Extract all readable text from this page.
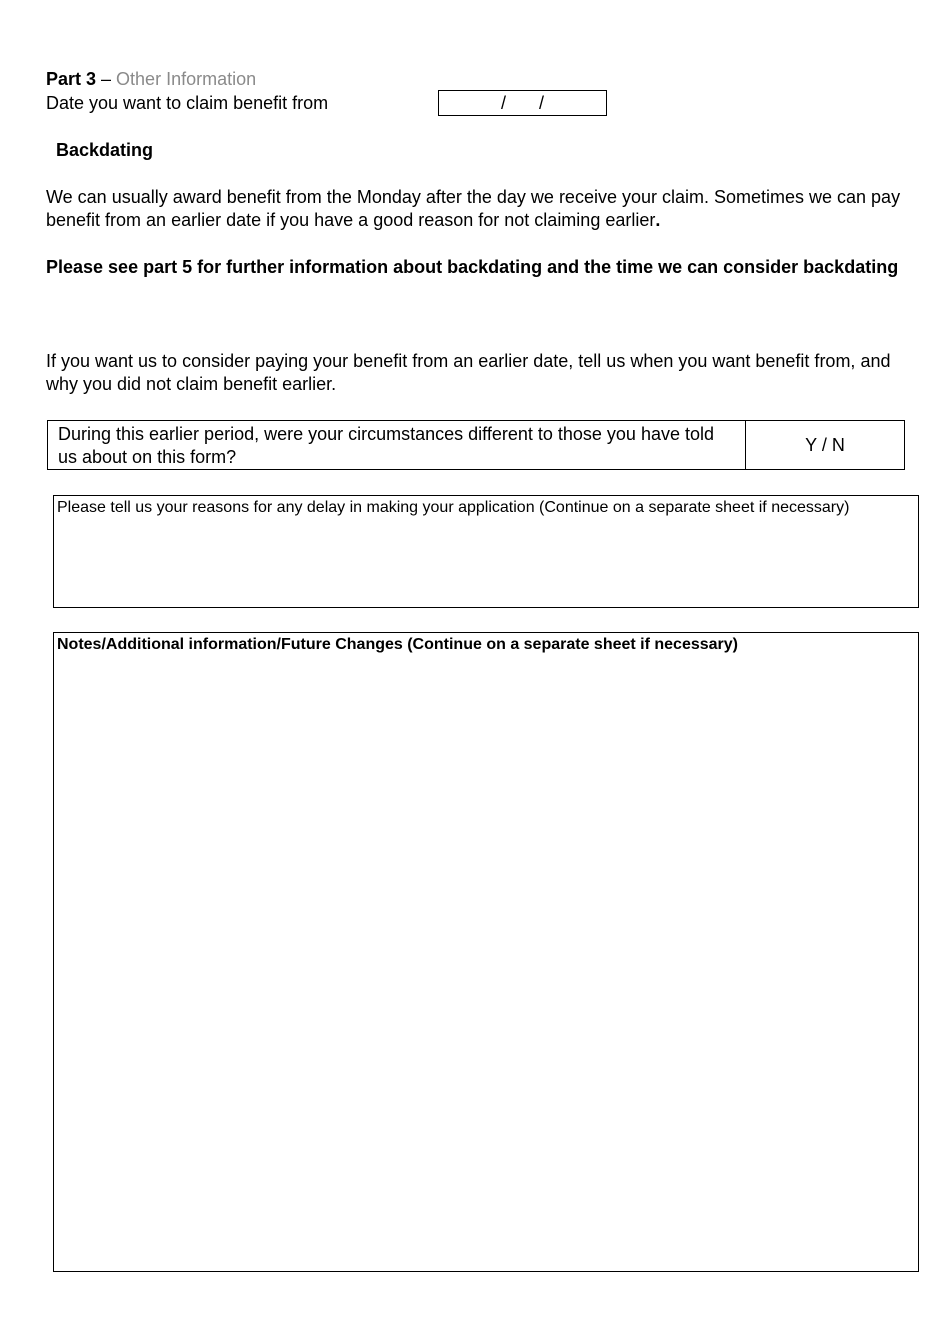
Part 3 – Other Information
Date you want to claim benefit from	/ /
Backdating
We can usually award benefit from the Monday after the day we receive your claim. Sometimes we can pay benefit from an earlier date if you have a good reason for not claiming earlier.
Please see part 5 for further information about backdating and the time we can consider backdating
If you want us to consider paying your benefit from an earlier date, tell us when you want benefit from, and why you did not claim benefit earlier.
During this earlier period, were your circumstances different to those you have told us about on this form?
Y / N
Please tell us your reasons for any delay in making your application (Continue on a separate sheet if necessary)
Notes/Additional information/Future Changes (Continue on a separate sheet if necessary)
